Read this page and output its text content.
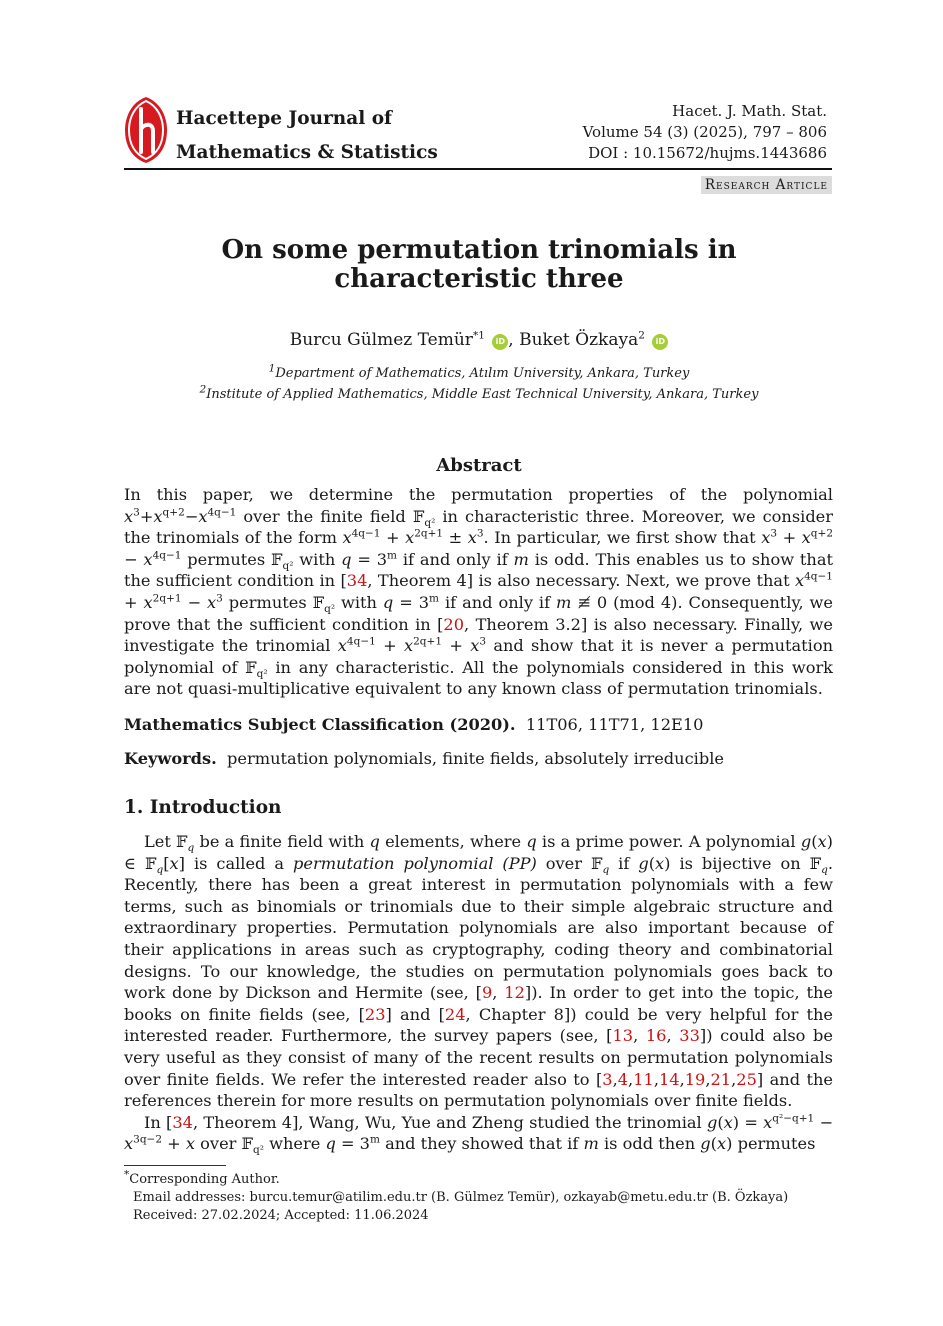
Hacettepe Journal of
Mathematics & Statistics
Hacet. J. Math. Stat.
Volume 54 (3) (2025), 797 – 806
DOI : 10.15672/hujms.1443686
Research Article
On some permutation trinomials in characteristic three
Burcu Gülmez Temür$^{*1}$ iD , Buket Özkaya$^2$ iD
$^1$Department of Mathematics, Atılım University, Ankara, Turkey
$^2$Institute of Applied Mathematics, Middle East Technical University, Ankara, Turkey
Abstract
In this paper, we determine the permutation properties of the polynomial $x^3+x^{q+2}-x^{4q-1}$ over the finite field 𝔽$_{q^2}$ in characteristic three. Moreover, we consider the trinomials of the form $x^{4q-1} + x^{2q+1} \pm x^3$. In particular, we first show that $x^3 + x^{q+2} - x^{4q-1}$ permutes 𝔽$_{q^2}$ with $q = 3^m$ if and only if m is odd. This enables us to show that the sufficient condition in [34, Theorem 4] is also necessary. Next, we prove that $x^{4q-1} + x^{2q+1} - x^3$ permutes 𝔽$_{q^2}$ with $q = 3^m$ if and only if m ≢ 0 (mod 4). Consequently, we prove that the sufficient condition in [20, Theorem 3.2] is also necessary. Finally, we investigate the trinomial $x^{4q-1} + x^{2q+1} + x^3$ and show that it is never a permutation polynomial of 𝔽$_{q^2}$ in any characteristic. All the polynomials considered in this work are not quasi-multiplicative equivalent to any known class of permutation trinomials.
Mathematics Subject Classification (2020). 11T06, 11T71, 12E10
Keywords. permutation polynomials, finite fields, absolutely irreducible
1. Introduction
Let 𝔽$_q$ be a finite field with q elements, where q is a prime power. A polynomial g(x) ∈ 𝔽$_q$[x] is called a permutation polynomial (PP) over 𝔽$_q$ if g(x) is bijective on 𝔽$_q$. Recently, there has been a great interest in permutation polynomials with a few terms, such as binomials or trinomials due to their simple algebraic structure and extraordinary properties. Permutation polynomials are also important because of their applications in areas such as cryptography, coding theory and combinatorial designs. To our knowledge, the studies on permutation polynomials goes back to work done by Dickson and Hermite (see, [9, 12]). In order to get into the topic, the books on finite fields (see, [23] and [24, Chapter 8]) could be very helpful for the interested reader. Furthermore, the survey papers (see, [13, 16, 33]) could also be very useful as they consist of many of the recent results on permutation polynomials over finite fields. We refer the interested reader also to [3,4,11,14,19,21,25] and the references therein for more results on permutation polynomials over finite fields.
In [34, Theorem 4], Wang, Wu, Yue and Zheng studied the trinomial $g(x) = x^{q^2-q+1} - x^{3q-2} + x$ over 𝔽$_{q^2}$ where $q = 3^m$ and they showed that if m is odd then g(x) permutes
*Corresponding Author.
Email addresses: burcu.temur@atilim.edu.tr (B. Gülmez Temür), ozkayab@metu.edu.tr (B. Özkaya)
Received: 27.02.2024; Accepted: 11.06.2024
